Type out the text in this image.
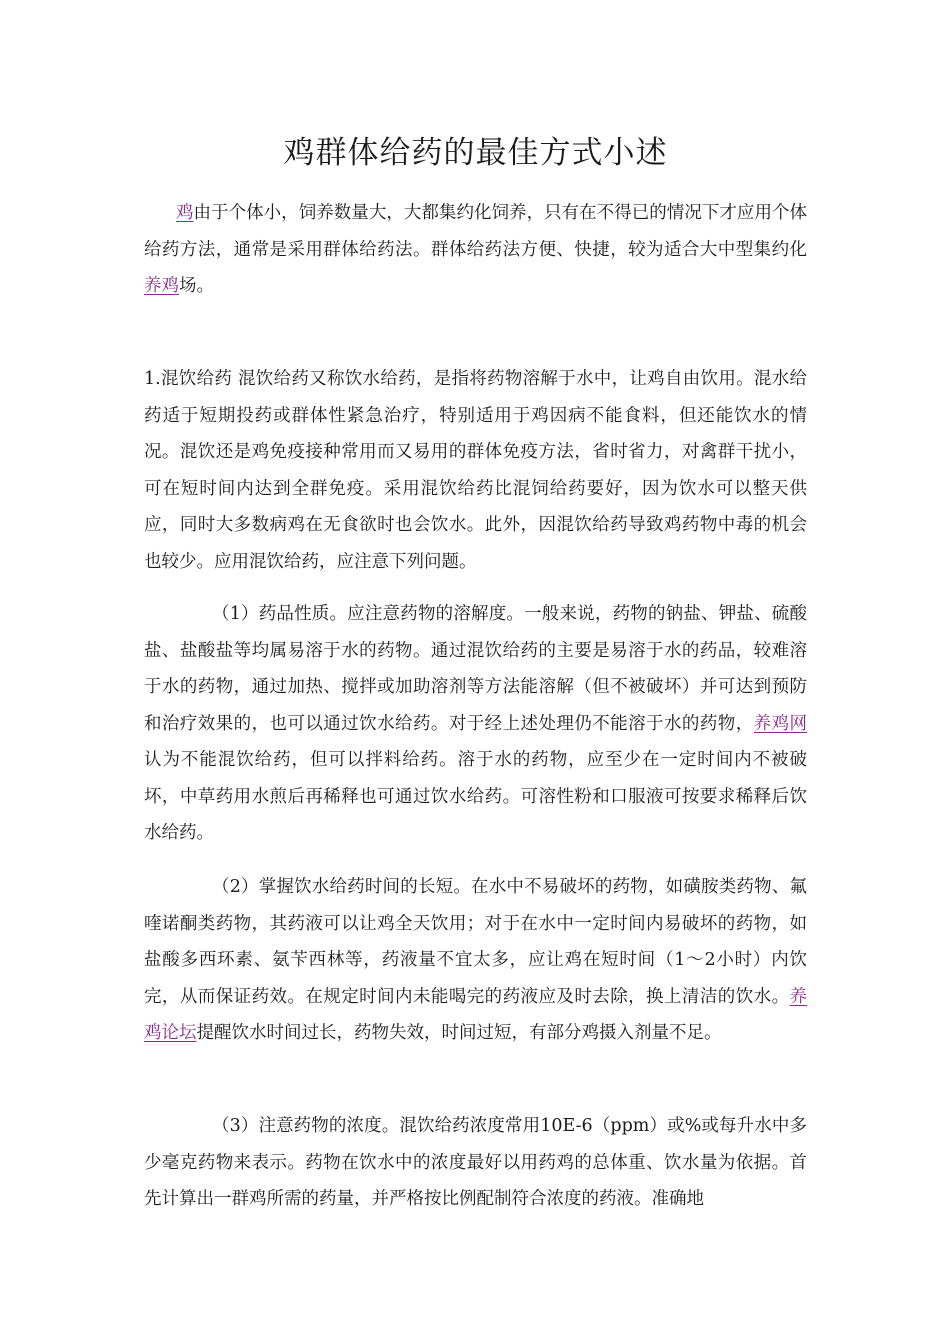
鸡群体给药的最佳方式小述

鸡由于个体小，饲养数量大，大都集约化饲养，只有在不得已的情况下才应用个体给药方法，通常是采用群体给药法。群体给药法方便、快捷，较为适合大中型集约化养鸡场。

1.混饮给药 混饮给药又称饮水给药，是指将药物溶解于水中，让鸡自由饮用。混水给药适于短期投药或群体性紧急治疗，特别适用于鸡因病不能食料，但还能饮水的情况。混饮还是鸡免疫接种常用而又易用的群体免疫方法，省时省力，对禽群干扰小，可在短时间内达到全群免疫。采用混饮给药比混饲给药要好，因为饮水可以整天供应，同时大多数病鸡在无食欲时也会饮水。此外，因混饮给药导致鸡药物中毒的机会也较少。应用混饮给药，应注意下列问题。

（1）药品性质。应注意药物的溶解度。一般来说，药物的钠盐、钾盐、硫酸盐、盐酸盐等均属易溶于水的药物。通过混饮给药的主要是易溶于水的药品，较难溶于水的药物，通过加热、搅拌或加助溶剂等方法能溶解（但不被破坏）并可达到预防和治疗效果的，也可以通过饮水给药。对于经上述处理仍不能溶于水的药物，养鸡网认为不能混饮给药，但可以拌料给药。溶于水的药物，应至少在一定时间内不被破坏，中草药用水煎后再稀释也可通过饮水给药。可溶性粉和口服液可按要求稀释后饮水给药。

（2）掌握饮水给药时间的长短。在水中不易破坏的药物，如磺胺类药物、氟喹诺酮类药物，其药液可以让鸡全天饮用；对于在水中一定时间内易破坏的药物，如盐酸多西环素、氨苄西林等，药液量不宜太多，应让鸡在短时间（1～2小时）内饮完，从而保证药效。在规定时间内未能喝完的药液应及时去除，换上清洁的饮水。养鸡论坛提醒饮水时间过长，药物失效，时间过短，有部分鸡摄入剂量不足。

（3）注意药物的浓度。混饮给药浓度常用10E-6（ppm）或%或每升水中多少毫克药物来表示。药物在饮水中的浓度最好以用药鸡的总体重、饮水量为依据。首先计算出一群鸡所需的药量，并严格按比例配制符合浓度的药液。准确地
